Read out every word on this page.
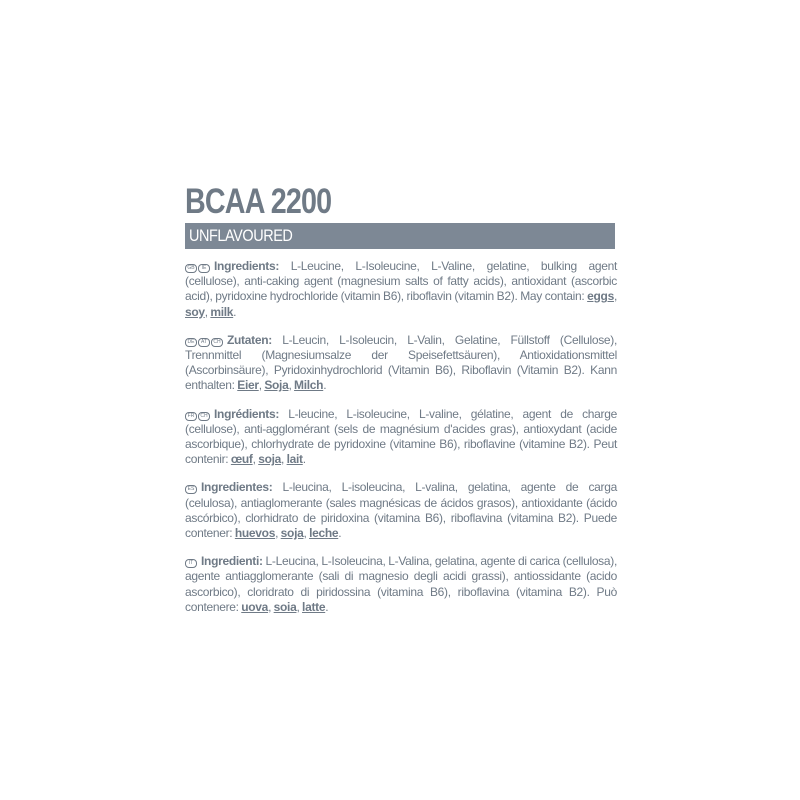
BCAA 2200
UNFLAVOURED
GB IE Ingredients: L-Leucine, L-Isoleucine, L-Valine, gelatine, bulking agent (cellulose), anti-caking agent (magnesium salts of fatty acids), antioxidant (ascorbic acid), pyridoxine hydrochloride (vitamin B6), riboflavin (vitamin B2). May contain: eggs, soy, milk.
DE AT CH Zutaten: L-Leucin, L-Isoleucin, L-Valin, Gelatine, Füllstoff (Cellulose), Trennmittel (Magnesiumsalze der Speisefettsäuren), Antioxidationsmittel (Ascorbinsäure), Pyridoxinhydrochlorid (Vitamin B6), Riboflavin (Vitamin B2). Kann enthalten: Eier, Soja, Milch.
FR CH Ingrédients: L-leucine, L-isoleucine, L-valine, gélatine, agent de charge (cellulose), anti-agglomérant (sels de magnésium d'acides gras), antioxydant (acide ascorbique), chlorhydrate de pyridoxine (vitamine B6), riboflavine (vitamine B2). Peut contenir: œuf, soja, lait.
ES Ingredientes: L-leucina, L-isoleucina, L-valina, gelatina, agente de carga (celulosa), antiaglomerante (sales magnésicas de ácidos grasos), antioxidante (ácido ascórbico), clorhidrato de piridoxina (vitamina B6), riboflavina (vitamina B2). Puede contener: huevos, soja, leche.
IT Ingredienti: L-Leucina, L-Isoleucina, L-Valina, gelatina, agente di carica (cellulosa), agente antiagglomerante (sali di magnesio degli acidi grassi), antiossidante (acido ascorbico), cloridrato di piridossina (vitamina B6), riboflavina (vitamina B2). Può contenere: uova, soia, latte.
